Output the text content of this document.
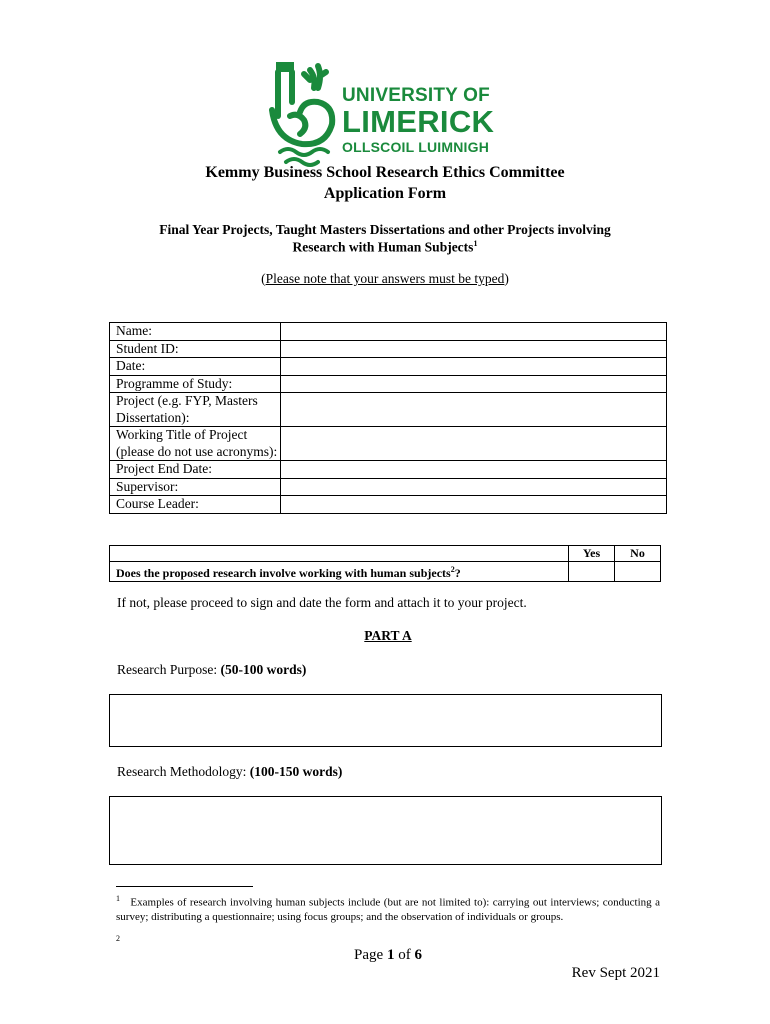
UNIVERSITY OF
LIMERICK
OLLSCOIL LUIMNIGH
Kemmy Business School Research Ethics Committee
Application Form
Final Year Projects, Taught Masters Dissertations and other Projects involving
Research with Human Subjects$^1$
(Please note that your answers must be typed)
Name:	
Student ID:	
Date:	
Programme of Study:	
Project (e.g. FYP, Masters Dissertation):	
Working Title of Project (please do not use acronyms):	
Project End Date:	
Supervisor:	
Course Leader:	
	Yes	No
Does the proposed research involve working with human subjects$^2$?		
If not, please proceed to sign and date the form and attach it to your project.
PART A
Research Purpose: (50-100 words)
Research Methodology: (100-150 words)
$^1$ Examples of research involving human subjects include (but are not limited to): carrying out interviews; conducting a survey; distributing a questionnaire; using focus groups; and the observation of individuals or groups.
$^2$
Page 1 of 6
Rev Sept 2021
